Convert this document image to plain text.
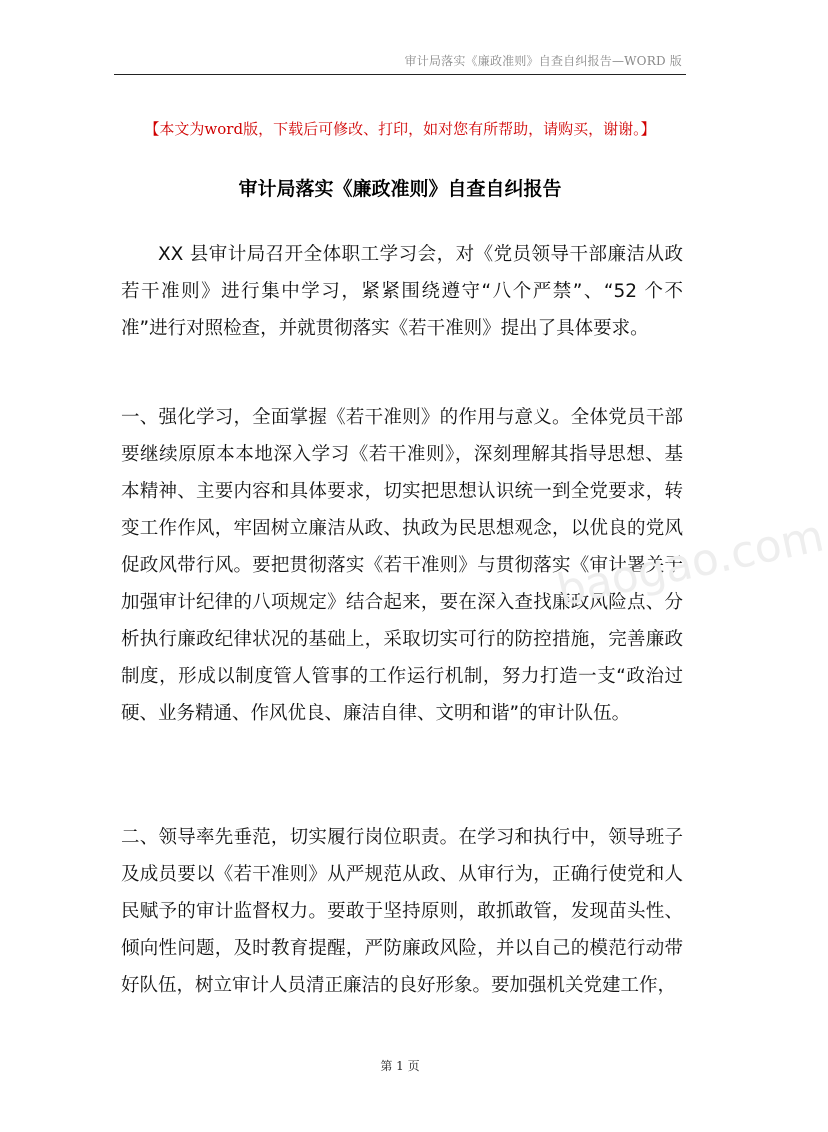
审计局落实《廉政准则》自查自纠报告—WORD 版
【本文为word版，下载后可修改、打印，如对您有所帮助，请购买，谢谢。】
审计局落实《廉政准则》自查自纠报告
XX 县审计局召开全体职工学习会，对《党员领导干部廉洁从政若干准则》进行集中学习，紧紧围绕遵守“八个严禁”、“52 个不准”进行对照检查，并就贯彻落实《若干准则》提出了具体要求。
一、强化学习，全面掌握《若干准则》的作用与意义。全体党员干部要继续原原本本地深入学习《若干准则》，深刻理解其指导思想、基本精神、主要内容和具体要求，切实把思想认识统一到全党要求，转变工作作风，牢固树立廉洁从政、执政为民思想观念，以优良的党风促政风带行风。要把贯彻落实《若干准则》与贯彻落实《审计署关于加强审计纪律的八项规定》结合起来，要在深入查找廉政风险点、分析执行廉政纪律状况的基础上，采取切实可行的防控措施，完善廉政制度，形成以制度管人管事的工作运行机制，努力打造一支“政治过硬、业务精通、作风优良、廉洁自律、文明和谐”的审计队伍。
二、领导率先垂范，切实履行岗位职责。在学习和执行中，领导班子及成员要以《若干准则》从严规范从政、从审行为，正确行使党和人民赋予的审计监督权力。要敢于坚持原则，敢抓敢管，发现苗头性、倾向性问题，及时教育提醒，严防廉政风险，并以自己的模范行动带好队伍，树立审计人员清正廉洁的良好形象。要加强机关党建工作，
baogao.com
第 1 页
